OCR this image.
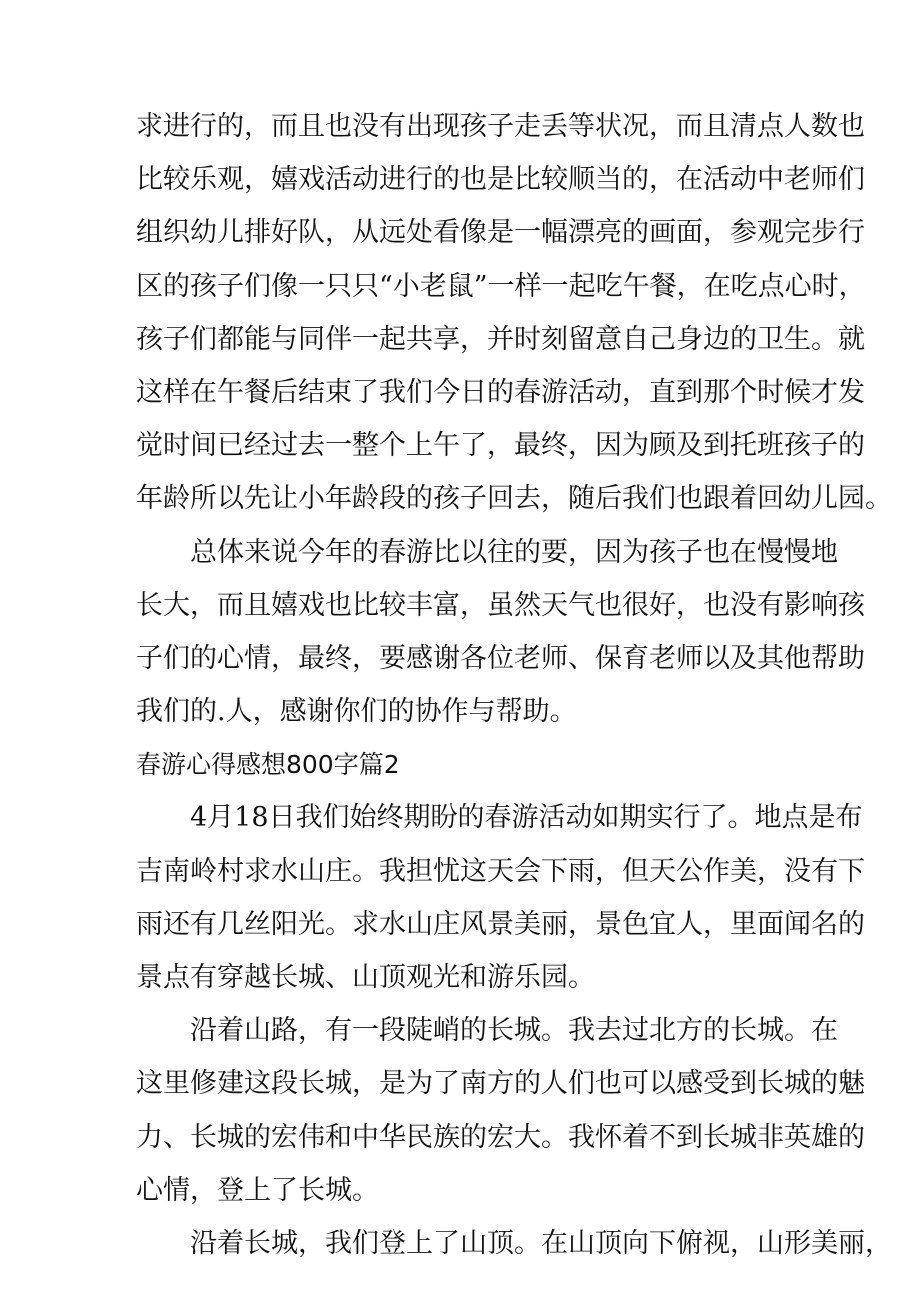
求进行的，而且也没有出现孩子走丢等状况，而且清点人数也
比较乐观，嬉戏活动进行的也是比较顺当的，在活动中老师们
组织幼儿排好队，从远处看像是一幅漂亮的画面，参观完步行
区的孩子们像一只只“小老鼠”一样一起吃午餐，在吃点心时，
孩子们都能与同伴一起共享，并时刻留意自己身边的卫生。就
这样在午餐后结束了我们今日的春游活动，直到那个时候才发
觉时间已经过去一整个上午了，最终，因为顾及到托班孩子的
年龄所以先让小年龄段的孩子回去，随后我们也跟着回幼儿园。
总体来说今年的春游比以往的要，因为孩子也在慢慢地
长大，而且嬉戏也比较丰富，虽然天气也很好，也没有影响孩
子们的心情，最终，要感谢各位老师、保育老师以及其他帮助
我们的.人，感谢你们的协作与帮助。
春游心得感想800字篇2
4月18日我们始终期盼的春游活动如期实行了。地点是布
吉南岭村求水山庄。我担忧这天会下雨，但天公作美，没有下
雨还有几丝阳光。求水山庄风景美丽，景色宜人，里面闻名的
景点有穿越长城、山顶观光和游乐园。
沿着山路，有一段陡峭的长城。我去过北方的长城。在
这里修建这段长城，是为了南方的人们也可以感受到长城的魅
力、长城的宏伟和中华民族的宏大。我怀着不到长城非英雄的
心情，登上了长城。
沿着长城，我们登上了山顶。在山顶向下俯视，山形美丽，
